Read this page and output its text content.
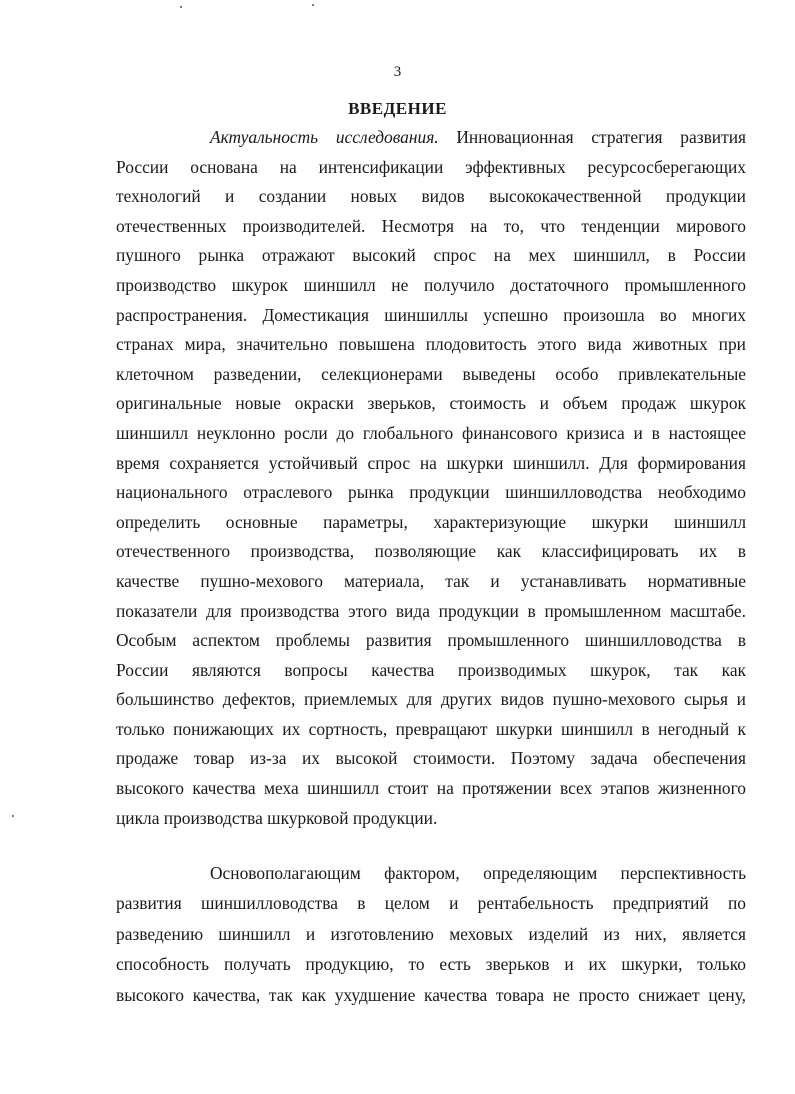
3
ВВЕДЕНИЕ
Актуальность исследования. Инновационная стратегия развития
России основана на интенсификации эффективных ресурсосберегающих
технологий и создании новых видов высококачественной продукции
отечественных производителей. Несмотря на то, что тенденции мирового
пушного рынка отражают высокий спрос на мех шиншилл, в России
производство шкурок шиншилл не получило достаточного промышленного
распространения. Доместикация шиншиллы успешно произошла во многих
странах мира, значительно повышена плодовитость этого вида животных при
клеточном разведении, селекционерами выведены особо привлекательные
оригинальные новые окраски зверьков, стоимость и объем продаж шкурок
шиншилл неуклонно росли до глобального финансового кризиса и в настоящее
время сохраняется устойчивый спрос на шкурки шиншилл. Для формирования
национального отраслевого рынка продукции шиншилловодства необходимо
определить основные параметры, характеризующие шкурки шиншилл
отечественного производства, позволяющие как классифицировать их в
качестве пушно-мехового материала, так и устанавливать нормативные
показатели для производства этого вида продукции в промышленном масштабе.
Особым аспектом проблемы развития промышленного шиншилловодства в
России являются вопросы качества производимых шкурок, так как
большинство дефектов, приемлемых для других видов пушно-мехового сырья и
только понижающих их сортность, превращают шкурки шиншилл в негодный к
продаже товар из-за их высокой стоимости. Поэтому задача обеспечения
высокого качества меха шиншилл стоит на протяжении всех этапов жизненного
цикла производства шкурковой продукции.
Основополагающим фактором, определяющим перспективность
развития шиншилловодства в целом и рентабельность предприятий по
разведению шиншилл и изготовлению меховых изделий из них, является
способность получать продукцию, то есть зверьков и их шкурки, только
высокого качества, так как ухудшение качества товара не просто снижает цену,
